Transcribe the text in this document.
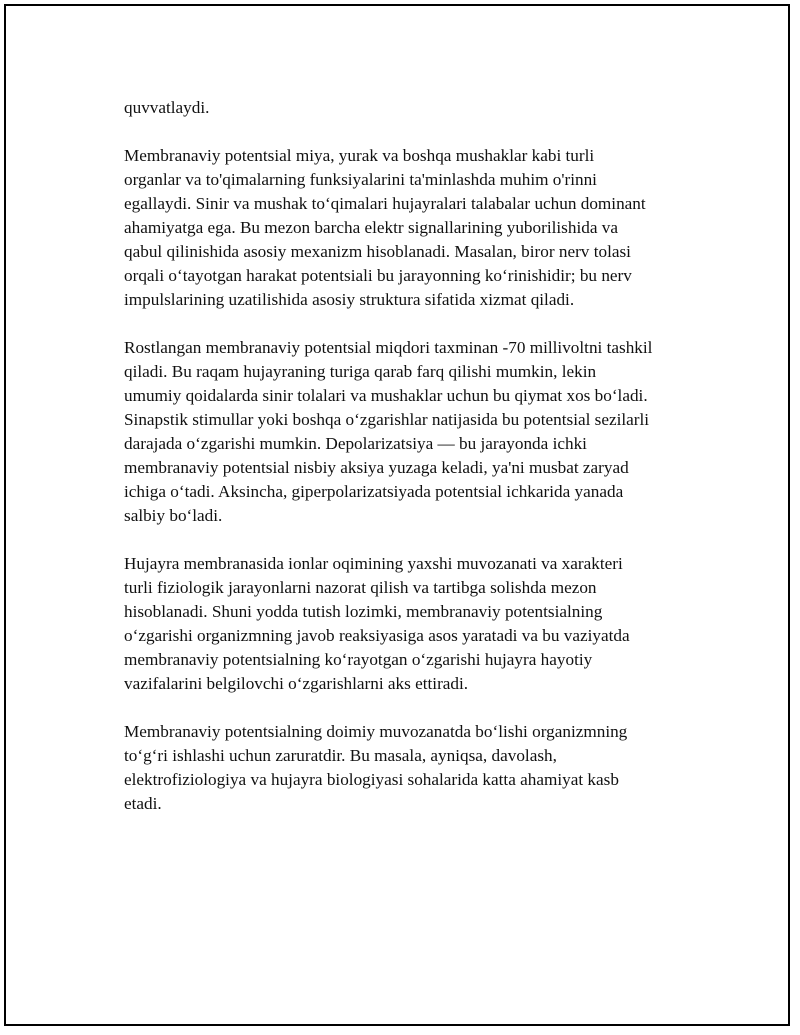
quvvatlaydi.

Membranaviy potentsial miya, yurak va boshqa mushaklar kabi turli
organlar va to'qimalarning funksiyalarini ta'minlashda muhim o'rinni
egallaydi. Sinir va mushak to‘qimalari hujayralari talabalar uchun dominant
ahamiyatga ega. Bu mezon barcha elektr signallarining yuborilishida va
qabul qilinishida asosiy mexanizm hisoblanadi. Masalan, biror nerv tolasi
orqali o‘tayotgan harakat potentsiali bu jarayonning ko‘rinishidir; bu nerv
impulslarining uzatilishida asosiy struktura sifatida xizmat qiladi.

Rostlangan membranaviy potentsial miqdori taxminan -70 millivoltni tashkil
qiladi. Bu raqam hujayraning turiga qarab farq qilishi mumkin, lekin
umumiy qoidalarda sinir tolalari va mushaklar uchun bu qiymat xos bo‘ladi.
Sinapstik stimullar yoki boshqa o‘zgarishlar natijasida bu potentsial sezilarli
darajada o‘zgarishi mumkin. Depolarizatsiya — bu jarayonda ichki
membranaviy potentsial nisbiy aksiya yuzaga keladi, ya'ni musbat zaryad
ichiga o‘tadi. Aksincha, giperpolarizatsiyada potentsial ichkarida yanada
salbiy bo‘ladi.

Hujayra membranasida ionlar oqimining yaxshi muvozanati va xarakteri
turli fiziologik jarayonlarni nazorat qilish va tartibga solishda mezon
hisoblanadi. Shuni yodda tutish lozimki, membranaviy potentsialning
o‘zgarishi organizmning javob reaksiyasiga asos yaratadi va bu vaziyatda
membranaviy potentsialning ko‘rayotgan o‘zgarishi hujayra hayotiy
vazifalarini belgilovchi o‘zgarishlarni aks ettiradi.

Membranaviy potentsialning doimiy muvozanatda bo‘lishi organizmning
to‘g‘ri ishlashi uchun zaruratdir. Bu masala, ayniqsa, davolash,
elektrofiziologiya va hujayra biologiyasi sohalarida katta ahamiyat kasb
etadi.
